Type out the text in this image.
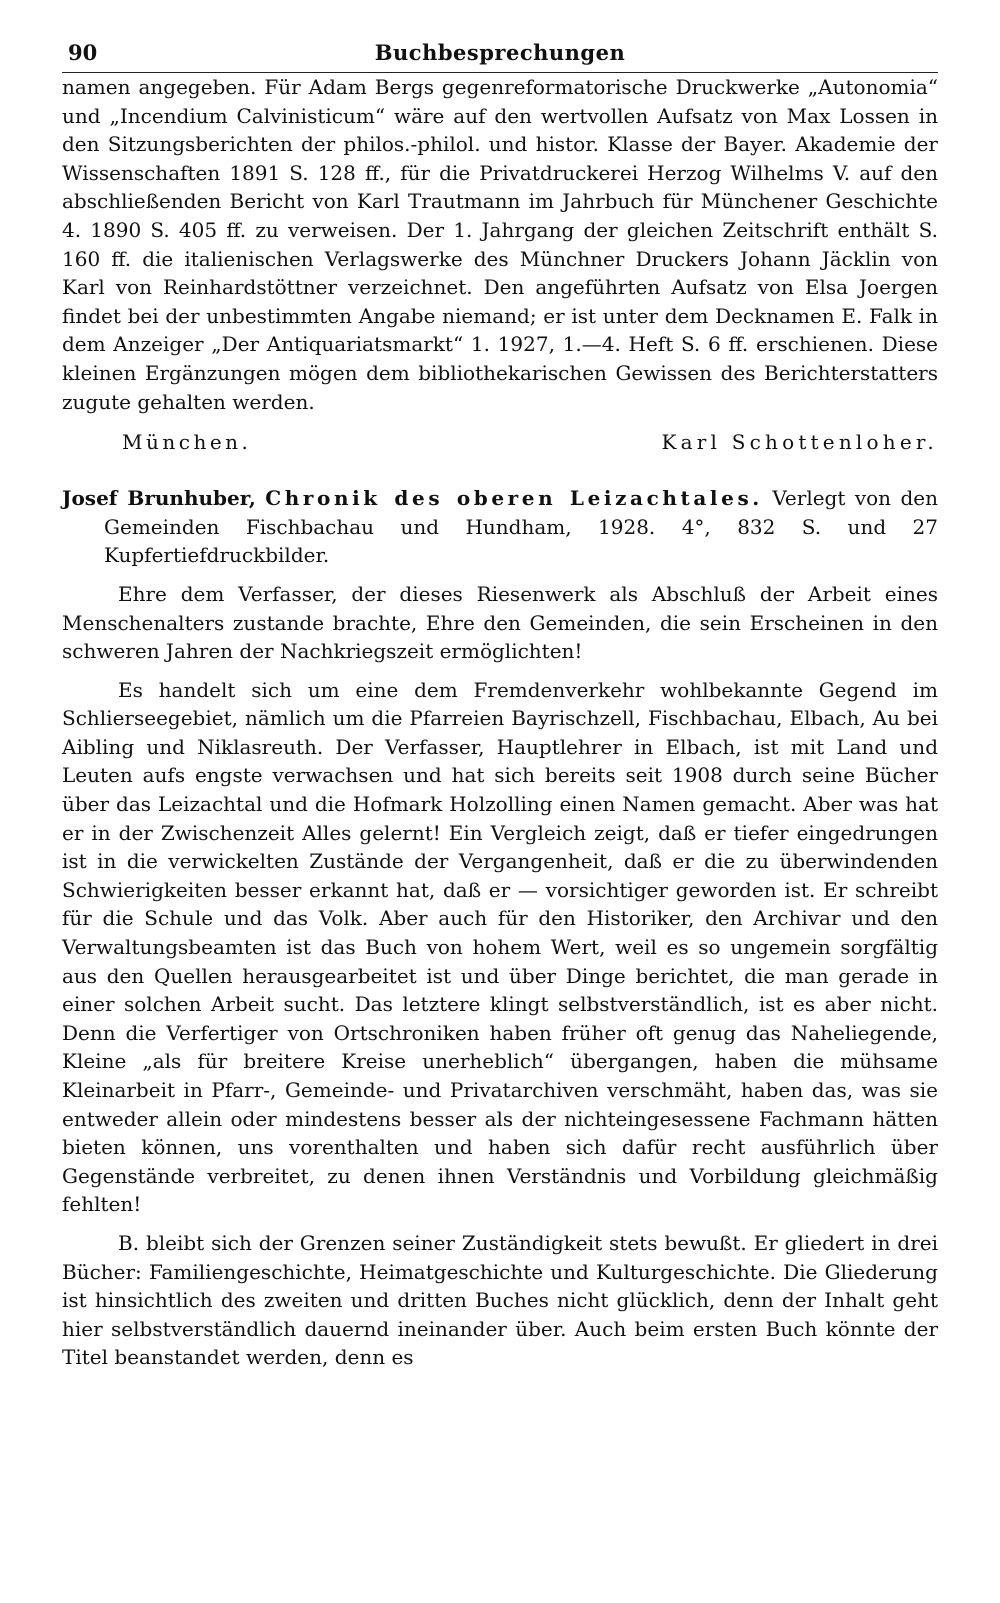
90	Buchbesprechungen

namen angegeben. Für Adam Bergs gegenreformatorische Druckwerke „Autonomia“ und „Incendium Calvinisticum“ wäre auf den wertvollen Aufsatz von Max Lossen in den Sitzungsberichten der philos.-philol. und histor. Klasse der Bayer. Akademie der Wissenschaften 1891 S. 128 ff., für die Privatdruckerei Herzog Wilhelms V. auf den abschließenden Bericht von Karl Trautmann im Jahrbuch für Münchener Geschichte 4. 1890 S. 405 ff. zu verweisen. Der 1. Jahrgang der gleichen Zeitschrift enthält S. 160 ff. die italienischen Verlagswerke des Münchner Druckers Johann Jäcklin von Karl von Reinhardstöttner verzeichnet. Den angeführten Aufsatz von Elsa Joergen findet bei der unbestimmten Angabe niemand; er ist unter dem Decknamen E. Falk in dem Anzeiger „Der Antiquariatsmarkt“ 1. 1927, 1.—4. Heft S. 6 ff. erschienen. Diese kleinen Ergänzungen mögen dem bibliothekarischen Gewissen des Berichterstatters zugute gehalten werden.

München.	Karl Schottenloher.
Josef Brunhuber, Chronik des oberen Leizachtales. Verlegt von den Gemeinden Fischbachau und Hundham, 1928. 4°, 832 S. und 27 Kupfertiefdruckbilder.

Ehre dem Verfasser, der dieses Riesenwerk als Abschluß der Arbeit eines Menschenalters zustande brachte, Ehre den Gemeinden, die sein Erscheinen in den schweren Jahren der Nachkriegszeit ermöglichten!

Es handelt sich um eine dem Fremdenverkehr wohlbekannte Gegend im Schlierseegebiet, nämlich um die Pfarreien Bayrischzell, Fischbachau, Elbach, Au bei Aibling und Niklasreuth. Der Verfasser, Hauptlehrer in Elbach, ist mit Land und Leuten aufs engste verwachsen und hat sich bereits seit 1908 durch seine Bücher über das Leizachtal und die Hofmark Holzolling einen Namen gemacht. Aber was hat er in der Zwischenzeit Alles gelernt! Ein Vergleich zeigt, daß er tiefer eingedrungen ist in die verwickelten Zustände der Vergangenheit, daß er die zu überwindenden Schwierigkeiten besser erkannt hat, daß er — vorsichtiger geworden ist. Er schreibt für die Schule und das Volk. Aber auch für den Historiker, den Archivar und den Verwaltungsbeamten ist das Buch von hohem Wert, weil es so ungemein sorgfältig aus den Quellen herausgearbeitet ist und über Dinge berichtet, die man gerade in einer solchen Arbeit sucht. Das letztere klingt selbstverständlich, ist es aber nicht. Denn die Verfertiger von Ortschroniken haben früher oft genug das Naheliegende, Kleine „als für breitere Kreise unerheblich“ übergangen, haben die mühsame Kleinarbeit in Pfarr-, Gemeinde- und Privatarchiven verschmäht, haben das, was sie entweder allein oder mindestens besser als der nichteingesessene Fachmann hätten bieten können, uns vorenthalten und haben sich dafür recht ausführlich über Gegenstände verbreitet, zu denen ihnen Verständnis und Vorbildung gleichmäßig fehlten!

B. bleibt sich der Grenzen seiner Zuständigkeit stets bewußt. Er gliedert in drei Bücher: Familiengeschichte, Heimatgeschichte und Kulturgeschichte. Die Gliederung ist hinsichtlich des zweiten und dritten Buches nicht glücklich, denn der Inhalt geht hier selbstverständlich dauernd ineinander über. Auch beim ersten Buch könnte der Titel beanstandet werden, denn es
